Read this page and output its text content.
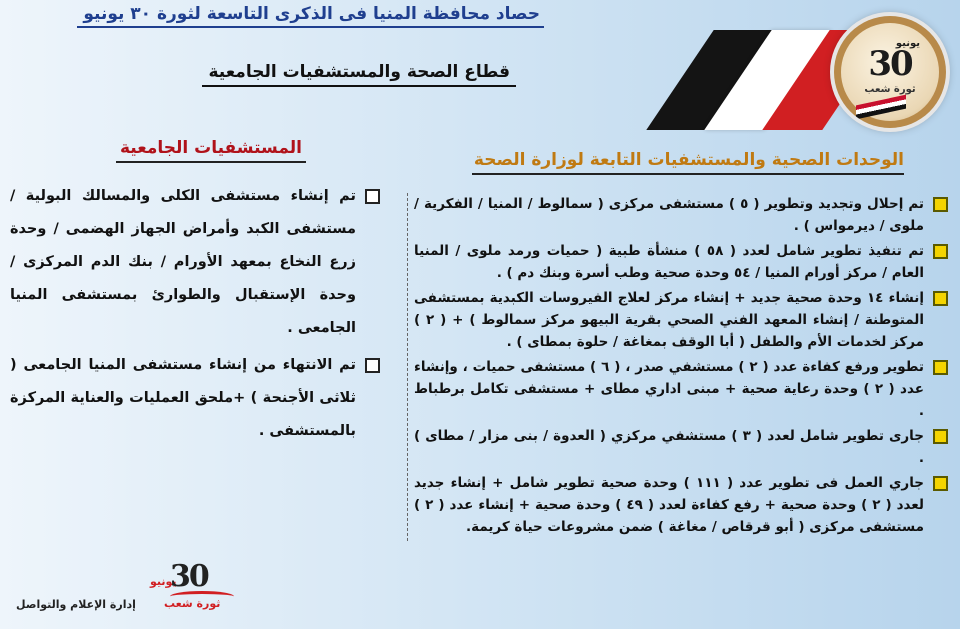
حصاد محافظة المنيا فى الذكرى التاسعة لثورة ٣٠ يونيو
قطاع الصحة والمستشفيات الجامعية
يونيو
30
ثورة شعب
الوحدات الصحية والمستشفيات التابعة لوزارة الصحة
تم إحلال وتجديد وتطوير ( ٥ ) مستشفى مركزى ( سمالوط / المنيا / الفكرية / ملوى / ديرمواس ) .
تم تنفيذ تطوير شامل لعدد ( ٥٨ ) منشأة طبية ( حميات ورمد ملوى / المنيا العام / مركز أورام المنيا / ٥٤ وحدة صحية وطب أسرة وبنك دم ) .
إنشاء ١٤ وحدة صحية جديد + إنشاء مركز لعلاج الفيروسات الكبدية بمستشفى المتوطنة / إنشاء المعهد الفني الصحي بقرية البيهو مركز سمالوط ) + ( ٢ ) مركز لخدمات الأم والطفل ( أبا الوقف بمغاغة / حلوة بمطاى ) .
تطوير ورفع كفاءة عدد ( ٢ ) مستشفي صدر ، ( ٦ ) مستشفى حميات ، وإنشاء عدد ( ٢ ) وحدة رعاية صحية + مبنى اداري مطاى + مستشفى تكامل برطباط .
جارى تطوير شامل لعدد ( ٣ ) مستشفي مركزي ( العدوة / بنى مزار / مطاى ) .
جاري العمل فى تطوير عدد ( ١١١ ) وحدة صحية تطوير شامل + إنشاء جديد لعدد ( ٢ ) وحدة صحية + رفع كفاءة لعدد ( ٤٩ ) وحدة صحية + إنشاء عدد ( ٢ ) مستشفى مركزى ( أبو قرقاص / مغاغة ) ضمن مشروعات حياة كريمة.
المستشفيات الجامعية
تم إنشاء مستشفى الكلى والمسالك البولية / مستشفى الكبد وأمراض الجهاز الهضمى / وحدة زرع النخاع بمعهد الأورام / بنك الدم المركزى / وحدة الإستقبال والطوارئ بمستشفى المنيا الجامعى .
تم الانتهاء من إنشاء مستشفى المنيا الجامعى ( ثلاثى الأجنحة ) +ملحق العمليات والعناية المركزة بالمستشفى .
يونيو
30
ثورة شعب
إدارة الإعلام والتواصل
